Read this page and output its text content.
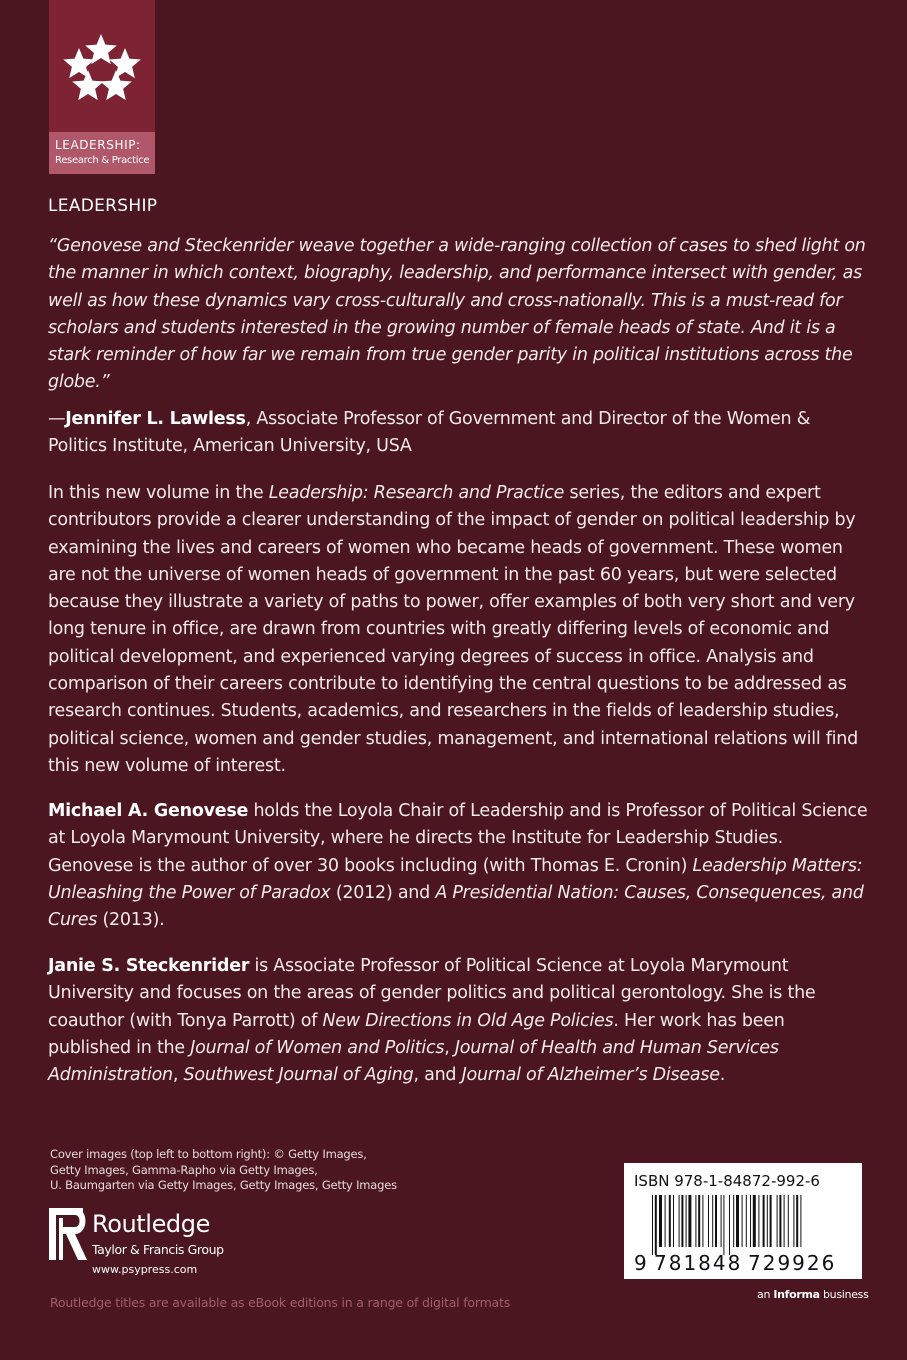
LEADERSHIP:
Research & Practice
LEADERSHIP

“Genovese and Steckenrider weave together a wide-ranging collection of cases to shed light on the manner in which context, biography, leadership, and performance intersect with gender, as well as how these dynamics vary cross-culturally and cross-nationally. This is a must-read for scholars and students interested in the growing number of female heads of state. And it is a stark reminder of how far we remain from true gender parity in political institutions across the globe.”

—Jennifer L. Lawless, Associate Professor of Government and Director of the Women & Politics Institute, American University, USA

In this new volume in the Leadership: Research and Practice series, the editors and expert contributors provide a clearer understanding of the impact of gender on political leadership by examining the lives and careers of women who became heads of government. These women are not the universe of women heads of government in the past 60 years, but were selected because they illustrate a variety of paths to power, offer examples of both very short and very long tenure in office, are drawn from countries with greatly differing levels of economic and political development, and experienced varying degrees of success in office. Analysis and comparison of their careers contribute to identifying the central questions to be addressed as research continues. Students, academics, and researchers in the fields of leadership studies, political science, women and gender studies, management, and international relations will find this new volume of interest.

Michael A. Genovese holds the Loyola Chair of Leadership and is Professor of Political Science at Loyola Marymount University, where he directs the Institute for Leadership Studies. Genovese is the author of over 30 books including (with Thomas E. Cronin) Leadership Matters: Unleashing the Power of Paradox (2012) and A Presidential Nation: Causes, Consequences, and Cures (2013).

Janie S. Steckenrider is Associate Professor of Political Science at Loyola Marymount University and focuses on the areas of gender politics and political gerontology. She is the coauthor (with Tonya Parrott) of New Directions in Old Age Policies. Her work has been published in the Journal of Women and Politics, Journal of Health and Human Services Administration, Southwest Journal of Aging, and Journal of Alzheimer’s Disease.

Cover images (top left to bottom right): © Getty Images,
Getty Images, Gamma-Rapho via Getty Images,
U. Baumgarten via Getty Images, Getty Images, Getty Images

Routledge
Taylor & Francis Group
www.psypress.com
Routledge titles are available as eBook editions in a range of digital formats
ISBN 978-1-84872-992-6
9 781848 729926
an Informa business
